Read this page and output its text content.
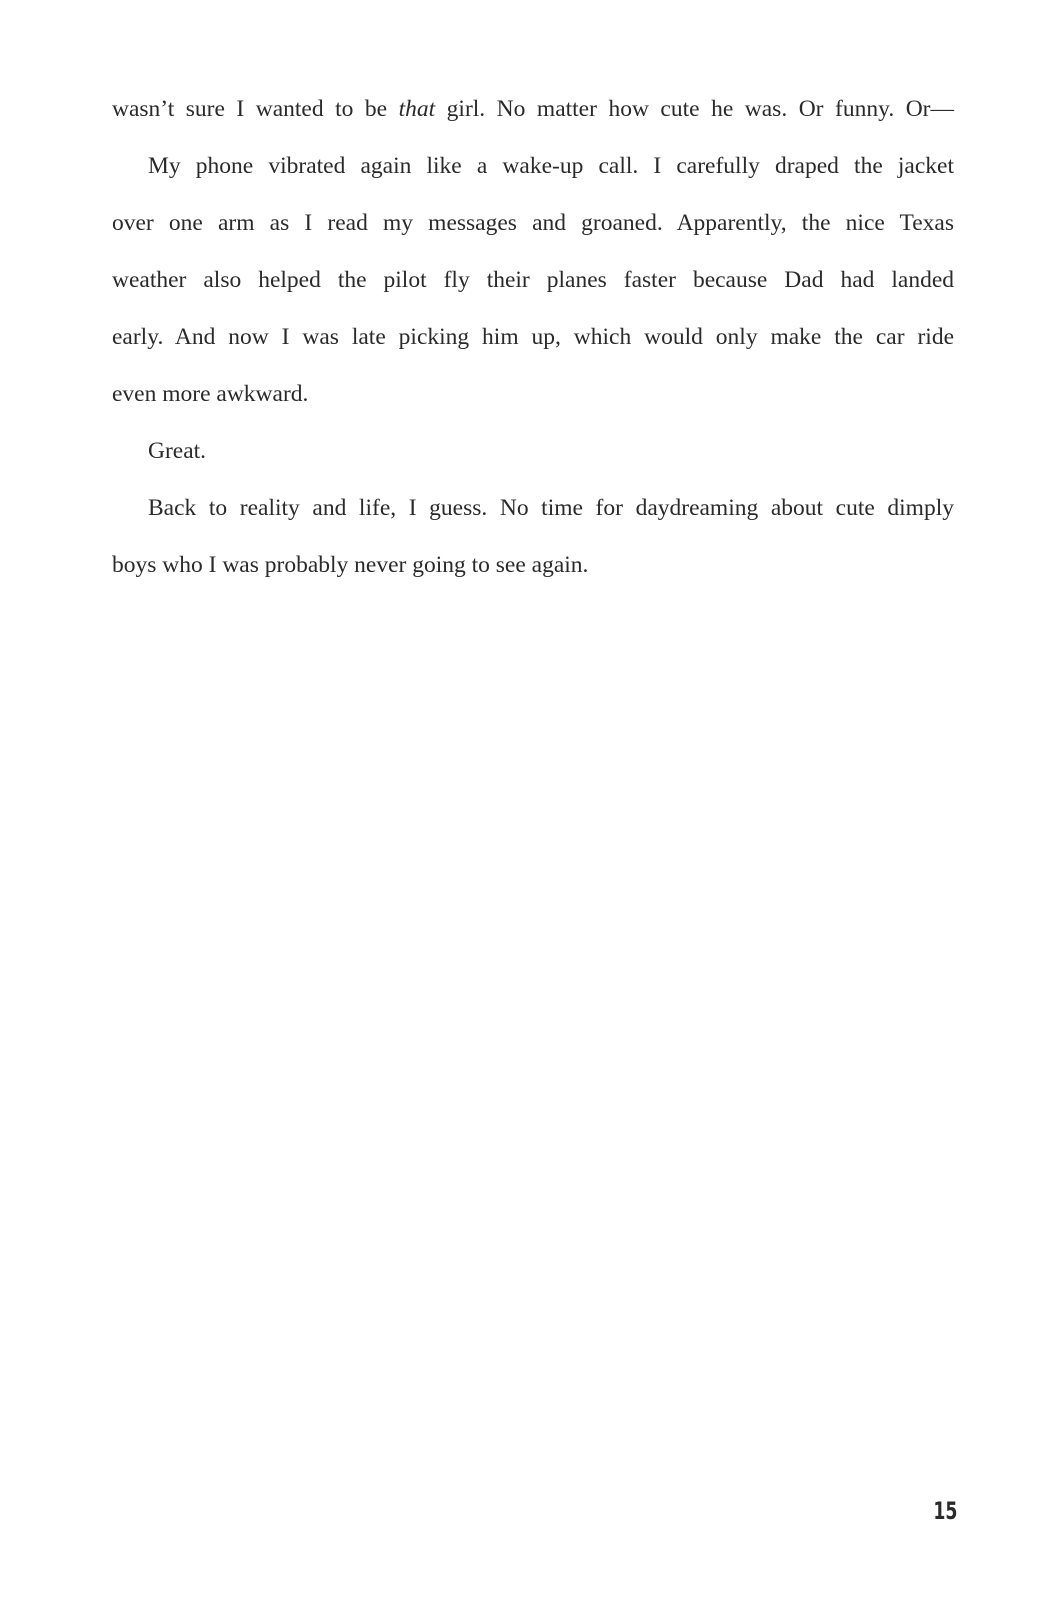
wasn’t sure I wanted to be that girl. No matter how cute he was. Or funny. Or—
My phone vibrated again like a wake-up call. I carefully draped the jacket
over one arm as I read my messages and groaned. Apparently, the nice Texas
weather also helped the pilot fly their planes faster because Dad had landed
early. And now I was late picking him up, which would only make the car ride
even more awkward.
Great.
Back to reality and life, I guess. No time for daydreaming about cute dimply
boys who I was probably never going to see again.
15
